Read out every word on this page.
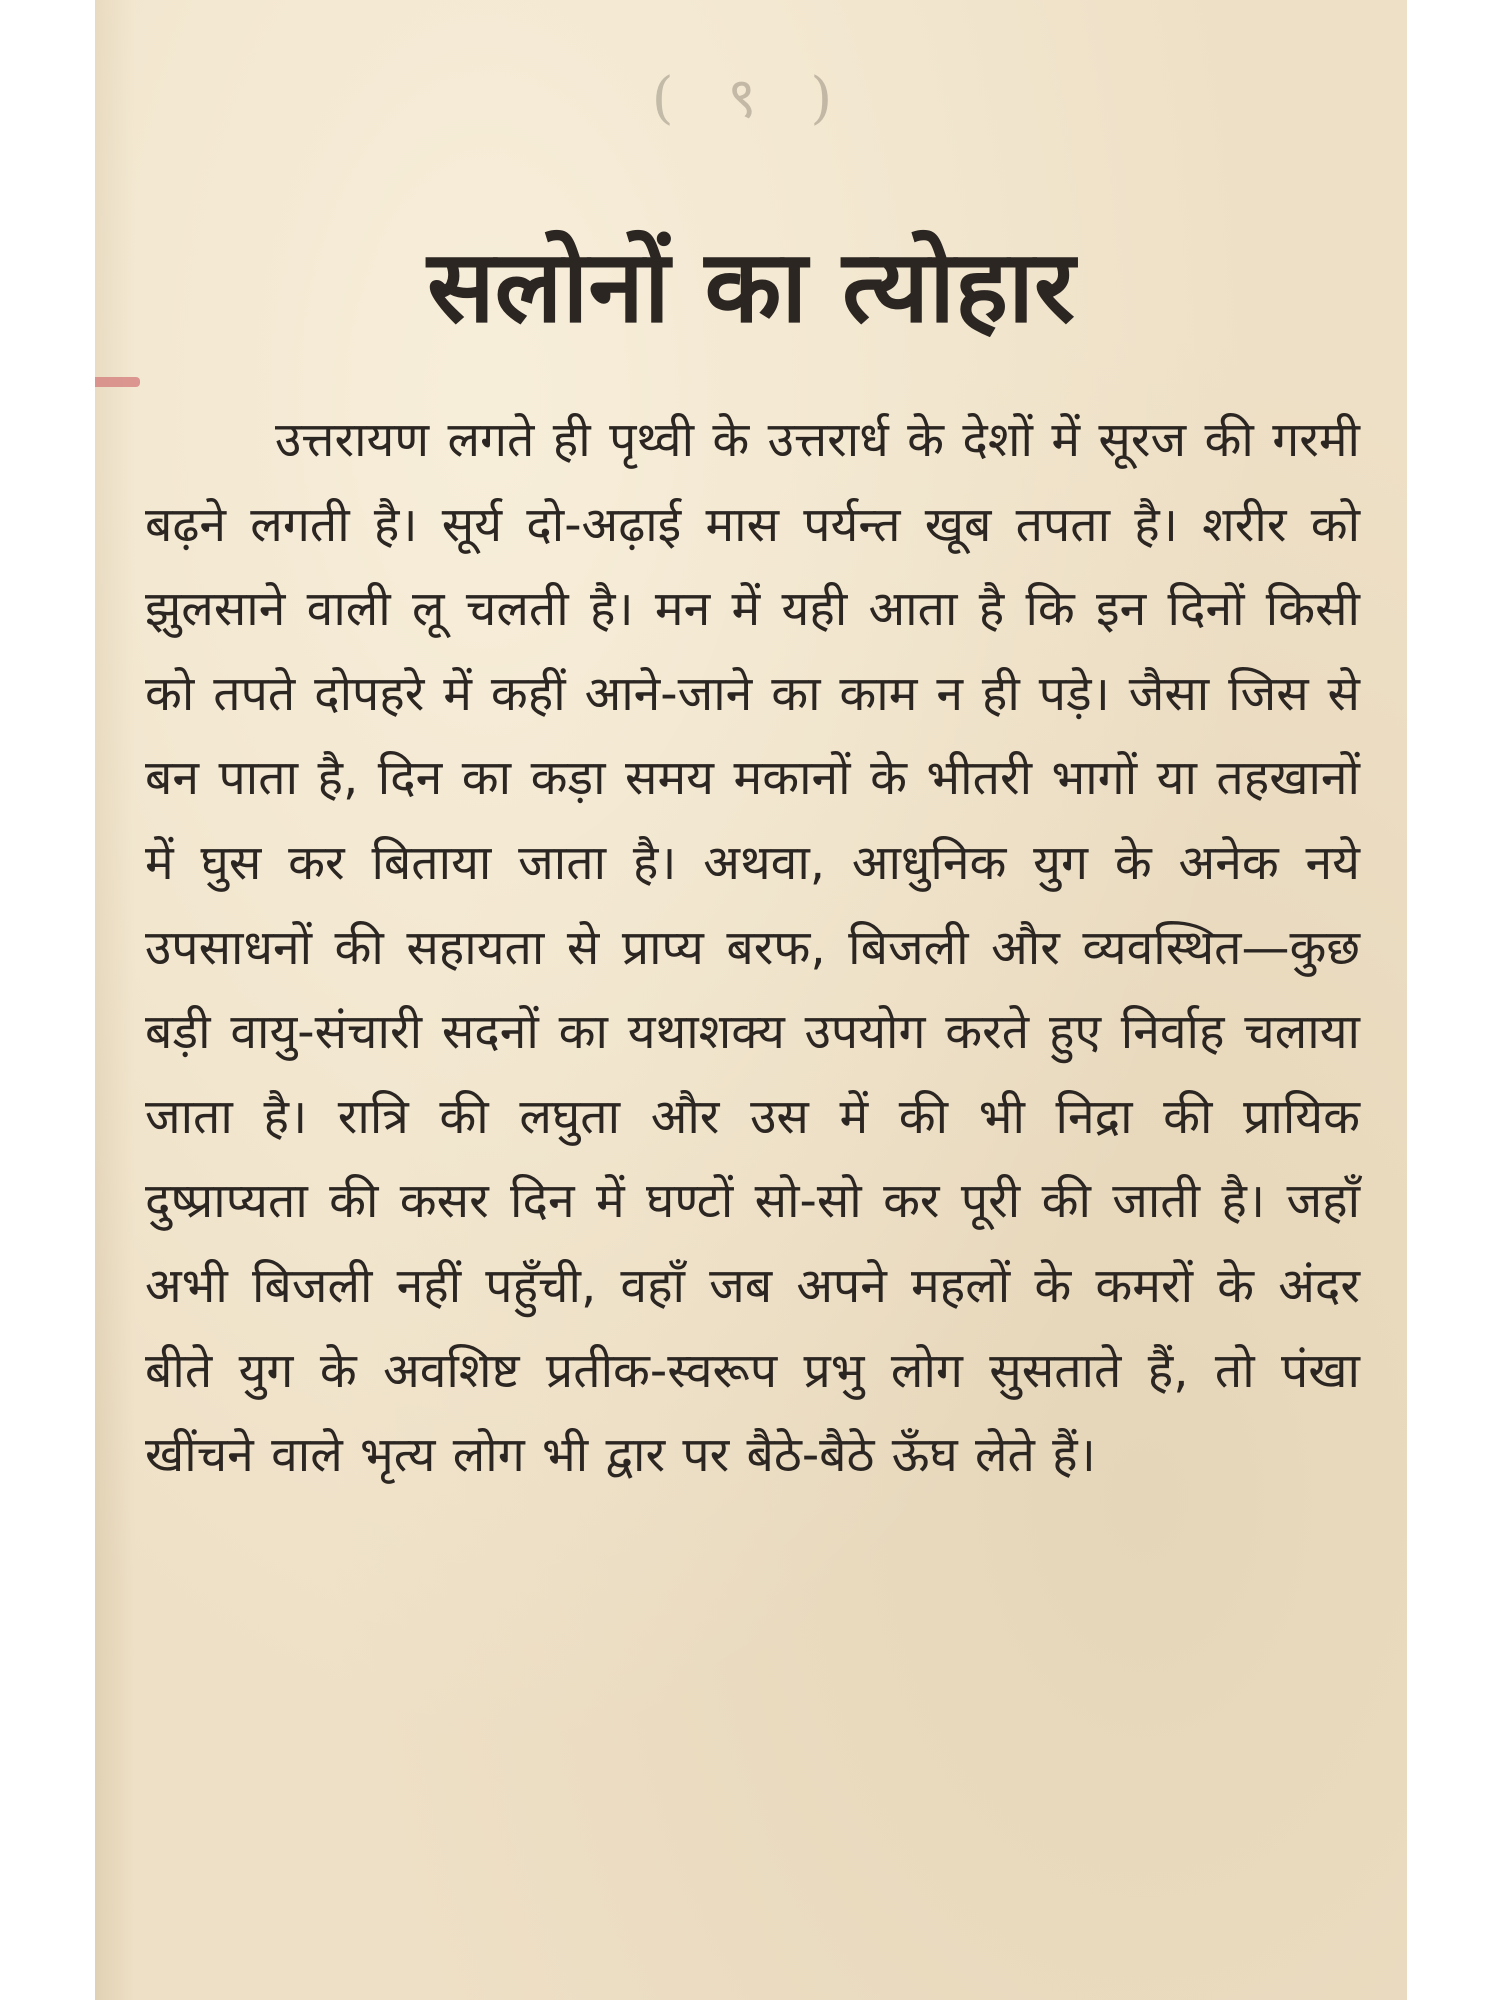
( ९ )
सलोनों का त्योहार

उत्तरायण लगते ही पृथ्वी के उत्तरार्ध के देशों में सूरज की गरमी बढ़ने लगती है। सूर्य दो-अढ़ाई मास पर्यन्त खूब तपता है। शरीर को झुलसाने वाली लू चलती है। मन में यही आता है कि इन दिनों किसी को तपते दोपहरे में कहीं आने-जाने का काम न ही पड़े। जैसा जिस से बन पाता है, दिन का कड़ा समय मकानों के भीतरी भागों या तहखानों में घुस कर बिताया जाता है। अथवा, आधुनिक युग के अनेक नये उपसाधनों की सहायता से प्राप्य बरफ, बिजली और व्यवस्थित—कुछ बड़ी वायु-संचारी सदनों का यथाशक्य उपयोग करते हुए निर्वाह चलाया जाता है। रात्रि की लघुता और उस में की भी निद्रा की प्रायिक दुष्प्राप्यता की कसर दिन में घण्टों सो-सो कर पूरी की जाती है। जहाँ अभी बिजली नहीं पहुँची, वहाँ जब अपने महलों के कमरों के अंदर बीते युग के अवशिष्ट प्रतीक-स्वरूप प्रभु लोग सुसताते हैं, तो पंखा खींचने वाले भृत्य लोग भी द्वार पर बैठे-बैठे ऊँघ लेते हैं।
